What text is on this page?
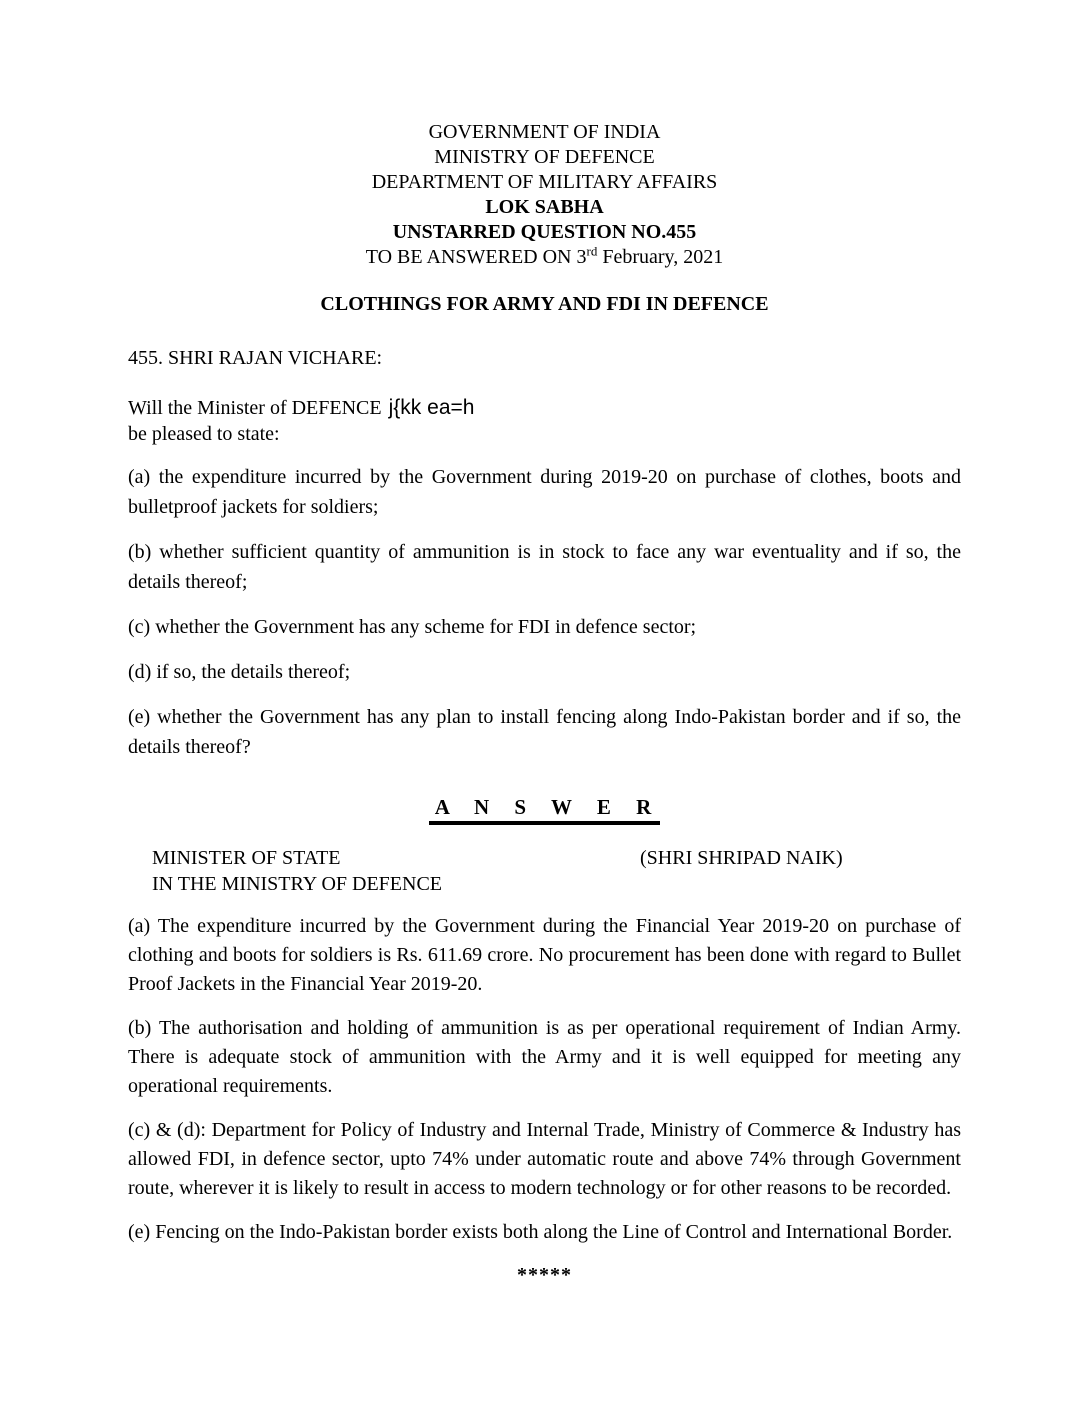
GOVERNMENT OF INDIA
MINISTRY OF DEFENCE
DEPARTMENT OF MILITARY AFFAIRS
LOK SABHA
UNSTARRED QUESTION NO.455
TO BE ANSWERED ON 3rd February, 2021
CLOTHINGS FOR ARMY AND FDI IN DEFENCE

455. SHRI RAJAN VICHARE:

Will the Minister of DEFENCE j{kk ea=h
be pleased to state:

(a) the expenditure incurred by the Government during 2019-20 on purchase of clothes, boots and bulletproof jackets for soldiers;

(b) whether sufficient quantity of ammunition is in stock to face any war eventuality and if so, the details thereof;

(c) whether the Government has any scheme for FDI in defence sector;

(d) if so, the details thereof;

(e) whether the Government has any plan to install fencing along Indo-Pakistan border and if so, the details thereof?

A N S W E R
MINISTER OF STATE	(SHRI SHRIPAD NAIK)
IN THE MINISTRY OF DEFENCE

(a) The expenditure incurred by the Government during the Financial Year 2019-20 on purchase of clothing and boots for soldiers is Rs. 611.69 crore. No procurement has been done with regard to Bullet Proof Jackets in the Financial Year 2019-20.

(b) The authorisation and holding of ammunition is as per operational requirement of Indian Army. There is adequate stock of ammunition with the Army and it is well equipped for meeting any operational requirements.

(c) & (d): Department for Policy of Industry and Internal Trade, Ministry of Commerce & Industry has allowed FDI, in defence sector, upto 74% under automatic route and above 74% through Government route, wherever it is likely to result in access to modern technology or for other reasons to be recorded.

(e) Fencing on the Indo-Pakistan border exists both along the Line of Control and International Border.

*****
